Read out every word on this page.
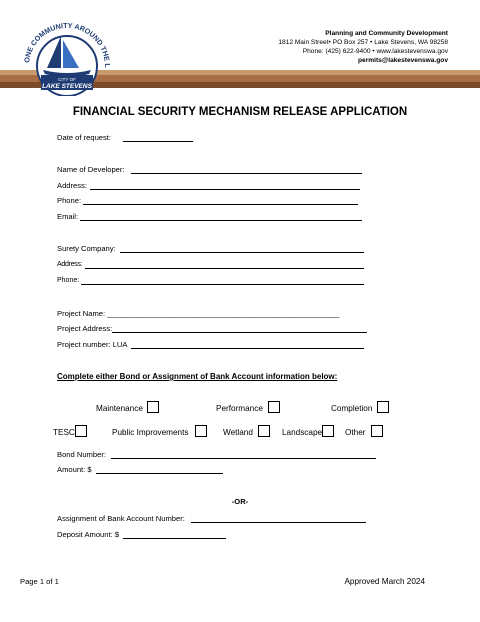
Planning and Community Development
1812 Main Street• PO Box 257 • Lake Stevens, WA 98258
Phone: (425) 622-9400 • www.lakestevenswa.gov
permits@lakestevenswa.gov
ONE COMMUNITY AROUND THE L
CITY OF
LAKE STEVENS
FINANCIAL SECURITY MECHANISM RELEASE APPLICATION
Date of request:
Name of Developer:
Address:
Phone:
Email:
Surety Company:
Address:
Phone:
Project Name: _______________________________________________________
Project Address:
Project number: LUA
Complete either Bond or Assignment of Bank Account information below:
Maintenance	Performance	Completion
TESC	Public Improvements	Wetland	Landscape	Other
Bond Number:
Amount: $
-OR-
Assignment of Bank Account Number:
Deposit Amount: $
Page 1 of 1	Approved March 2024
